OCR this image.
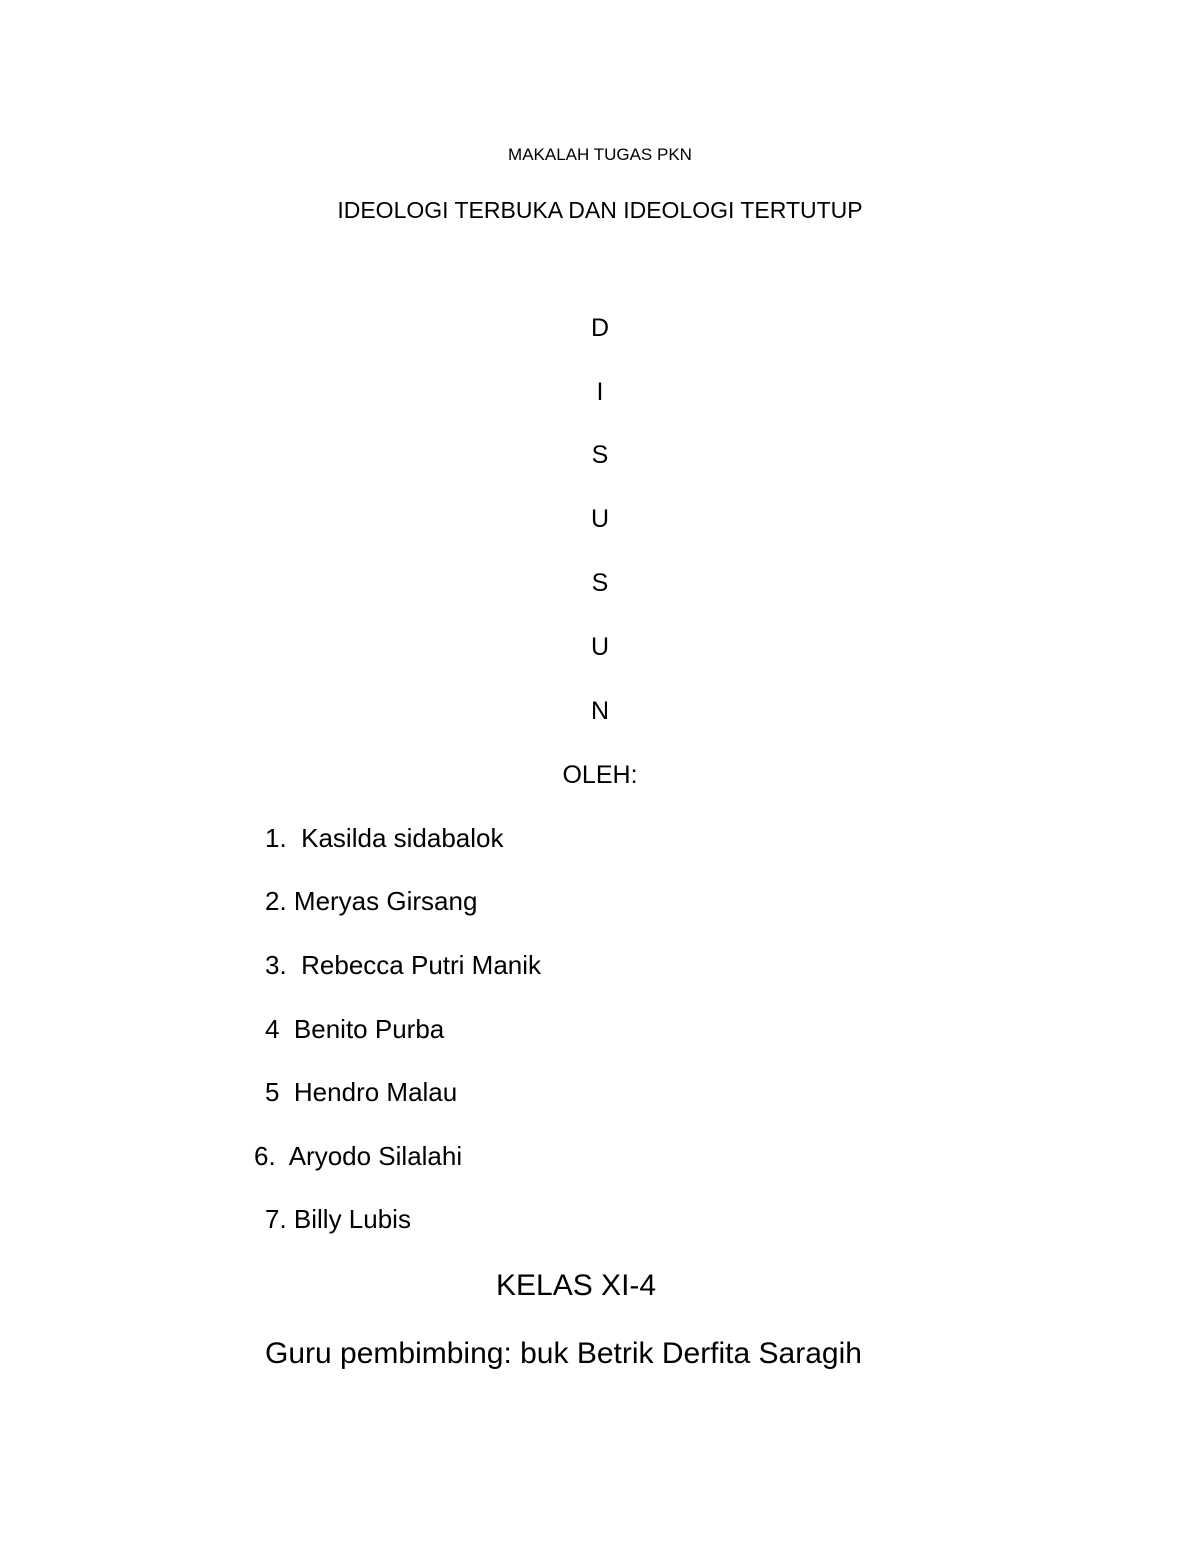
MAKALAH TUGAS PKN
IDEOLOGI TERBUKA DAN IDEOLOGI TERTUTUP
D
I
S
U
S
U
N
OLEH:
1.  Kasilda sidabalok
2. Meryas Girsang
3.  Rebecca Putri Manik
4  Benito Purba
5  Hendro Malau
6.  Aryodo Silalahi
7. Billy Lubis
KELAS XI-4
Guru pembimbing: buk Betrik Derfita Saragih
